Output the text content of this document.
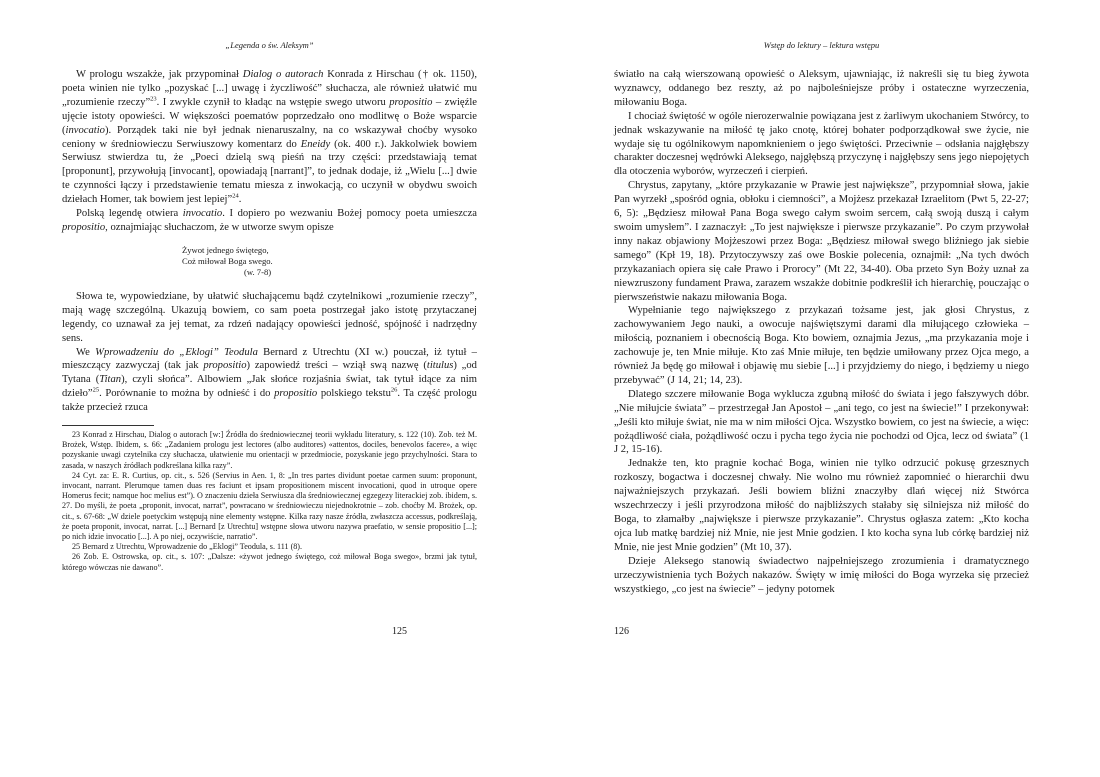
„Legenda o św. Aleksym”

W prologu wszakże, jak przypominał Dialog o autorach Konrada z Hirschau († ok. 1150), poeta winien nie tylko „pozyskać [...] uwagę i życzliwość” słuchacza, ale również ułatwić mu „rozumienie rzeczy”$^{23}$. I zwykle czynił to kładąc na wstępie swego utworu propositio – zwięźle ujęcie istoty opowieści. W większości poematów poprzedzało ono modlitwę o Boże wsparcie (invocatio). Porządek taki nie był jednak nienaruszalny, na co wskazywał choćby wysoko ceniony w średniowieczu Serwiuszowy komentarz do Eneidy (ok. 400 r.). Jakkolwiek bowiem Serwiusz stwierdza tu, że „Poeci dzielą swą pieśń na trzy części: przedstawiają temat [proponunt], przywołują [invocant], opowiadają [narrant]”, to jednak dodaje, iż „Wielu [...] dwie te czynności łączy i przedstawienie tematu miesza z inwokacją, co uczynił w obydwu swoich dziełach Homer, tak bowiem jest lepiej”$^{24}$.

Polską legendę otwiera invocatio. I dopiero po wezwaniu Bożej pomocy poeta umieszcza propositio, oznajmiając słuchaczom, że w utworze swym opisze

Żywot jednego świętego,
Coż miłował Boga swego.
(w. 7-8)

Słowa te, wypowiedziane, by ułatwić słuchającemu bądź czytelnikowi „rozumienie rzeczy”, mają wagę szczególną. Ukazują bowiem, co sam poeta postrzegał jako istotę przytaczanej legendy, co uznawał za jej temat, za rdzeń nadający opowieści jedność, spójność i nadrzędny sens.

We Wprowadzeniu do „Eklogi” Teodula Bernard z Utrechtu (XI w.) pouczał, iż tytuł – mieszczący zazwyczaj (tak jak propositio) zapowiedź treści – wziął swą nazwę (titulus) „od Tytana (Titan), czyli słońca”. Albowiem „Jak słońce rozjaśnia świat, tak tytuł idące za nim dzieło”$^{25}$. Porównanie to można by odnieść i do propositio polskiego tekstu$^{26}$. Ta część prologu także przecież rzuca

23 Konrad z Hirschau, Dialog o autorach [w:] Źródła do średniowiecznej teorii wykładu literatury, s. 122 (10). Zob. też M. Brożek, Wstęp. Ibidem, s. 66: „Zadaniem prologu jest lectores (albo auditores) «attentos, dociles, benevolos facere», a więc pozyskanie uwagi czytelnika czy słuchacza, ułatwienie mu orientacji w przedmiocie, pozyskanie jego przychylności. Stara to zasada, w naszych źródłach podkreślana kilka razy”.

24 Cyt. za: E. R. Curtius, op. cit., s. 526 (Servius in Aen. 1, 8: „In tres partes dividunt poetae carmen suum: proponunt, invocant, narrant. Plerumque tamen duas res faciunt et ipsam propositionem miscent invocationi, quod in utroque opere Homerus fecit; namque hoc melius est”). O znaczeniu dzieła Serwiusza dla średniowiecznej egzegezy literackiej zob. ibidem, s. 27. Do myśli, że poeta „proponit, invocat, narrat”, powracano w średniowieczu niejednokrotnie – zob. choćby M. Brożek, op. cit., s. 67-68: „W dziele poetyckim wstępują nine elementy wstępne. Kilka razy nasze źródła, zwłaszcza accessus, podkreślają, że poeta proponit, invocat, narrat. [...] Bernard [z Utrechtu] wstępne słowa utworu nazywa praefatio, w sensie propositio [...]; po nich idzie invocatio [...]. A po niej, oczywiście, narratio”.

25 Bernard z Utrechtu, Wprowadzenie do „Eklogi” Teodula, s. 111 (8).

26 Zob. E. Ostrowska, op. cit., s. 107: „Dalsze: «żywot jednego świętego, coż miłował Boga swego», brzmi jak tytuł, którego wówczas nie dawano”.

125
Wstęp do lektury – lektura wstępu

światło na całą wierszowaną opowieść o Aleksym, ujawniając, iż nakreśli się tu bieg żywota wyznawcy, oddanego bez reszty, aż po najboleśniejsze próby i ostateczne wyrzeczenia, miłowaniu Boga.

I chociaż świętość w ogóle nierozerwalnie powiązana jest z żarliwym ukochaniem Stwórcy, to jednak wskazywanie na miłość tę jako cnotę, której bohater podporządkował swe życie, nie wydaje się tu ogólnikowym napomknieniem o jego świętości. Przeciwnie – odsłania najgłębszy charakter doczesnej wędrówki Aleksego, najgłębszą przyczynę i najgłębszy sens jego niepojętych dla otoczenia wyborów, wyrzeczeń i cierpień.

Chrystus, zapytany, „które przykazanie w Prawie jest największe”, przypomniał słowa, jakie Pan wyrzekł „spośród ognia, obłoku i ciemności”, a Mojżesz przekazał Izraelitom (Pwt 5, 22-27; 6, 5): „Będziesz miłował Pana Boga swego całym swoim sercem, całą swoją duszą i całym swoim umysłem”. I zaznaczył: „To jest największe i pierwsze przykazanie”. Po czym przywołał inny nakaz objawiony Mojżeszowi przez Boga: „Będziesz miłował swego bliźniego jak siebie samego” (Kpł 19, 18). Przytoczywszy zaś owe Boskie polecenia, oznajmił: „Na tych dwóch przykazaniach opiera się całe Prawo i Prorocy” (Mt 22, 34-40). Oba przeto Syn Boży uznał za niewzruszony fundament Prawa, zarazem wszakże dobitnie podkreślił ich hierarchię, pouczając o pierwszeństwie nakazu miłowania Boga.

Wypełnianie tego największego z przykazań tożsame jest, jak głosi Chrystus, z zachowywaniem Jego nauki, a owocuje najświętszymi darami dla miłującego człowieka – miłością, poznaniem i obecnością Boga. Kto bowiem, oznajmia Jezus, „ma przykazania moje i zachowuje je, ten Mnie miłuje. Kto zaś Mnie miłuje, ten będzie umiłowany przez Ojca mego, a również Ja będę go miłował i objawię mu siebie [...] i przyjdziemy do niego, i będziemy u niego przebywać” (J 14, 21; 14, 23).

Dlatego szczere miłowanie Boga wyklucza zgubną miłość do świata i jego fałszywych dóbr. „Nie miłujcie świata” – przestrzegał Jan Apostoł – „ani tego, co jest na świecie!” I przekonywał: „Jeśli kto miłuje świat, nie ma w nim miłości Ojca. Wszystko bowiem, co jest na świecie, a więc: pożądliwość ciała, pożądliwość oczu i pycha tego życia nie pochodzi od Ojca, lecz od świata” (1 J 2, 15-16).

Jednakże ten, kto pragnie kochać Boga, winien nie tylko odrzucić pokusę grzesznych rozkoszy, bogactwa i doczesnej chwały. Nie wolno mu również zapomnieć o hierarchii dwu najważniejszych przykazań. Jeśli bowiem bliźni znaczyłby dlań więcej niż Stwórca wszechrzeczy i jeśli przyrodzona miłość do najbliższych stałaby się silniejsza niż miłość do Boga, to złamałby „największe i pierwsze przykazanie”. Chrystus ogłasza zatem: „Kto kocha ojca lub matkę bardziej niż Mnie, nie jest Mnie godzien. I kto kocha syna lub córkę bardziej niż Mnie, nie jest Mnie godzien” (Mt 10, 37).

Dzieje Aleksego stanowią świadectwo najpełniejszego zrozumienia i dramatycznego urzeczywistnienia tych Bożych nakazów. Święty w imię miłości do Boga wyrzeka się przecież wszystkiego, „co jest na świecie” – jedyny potomek

126
